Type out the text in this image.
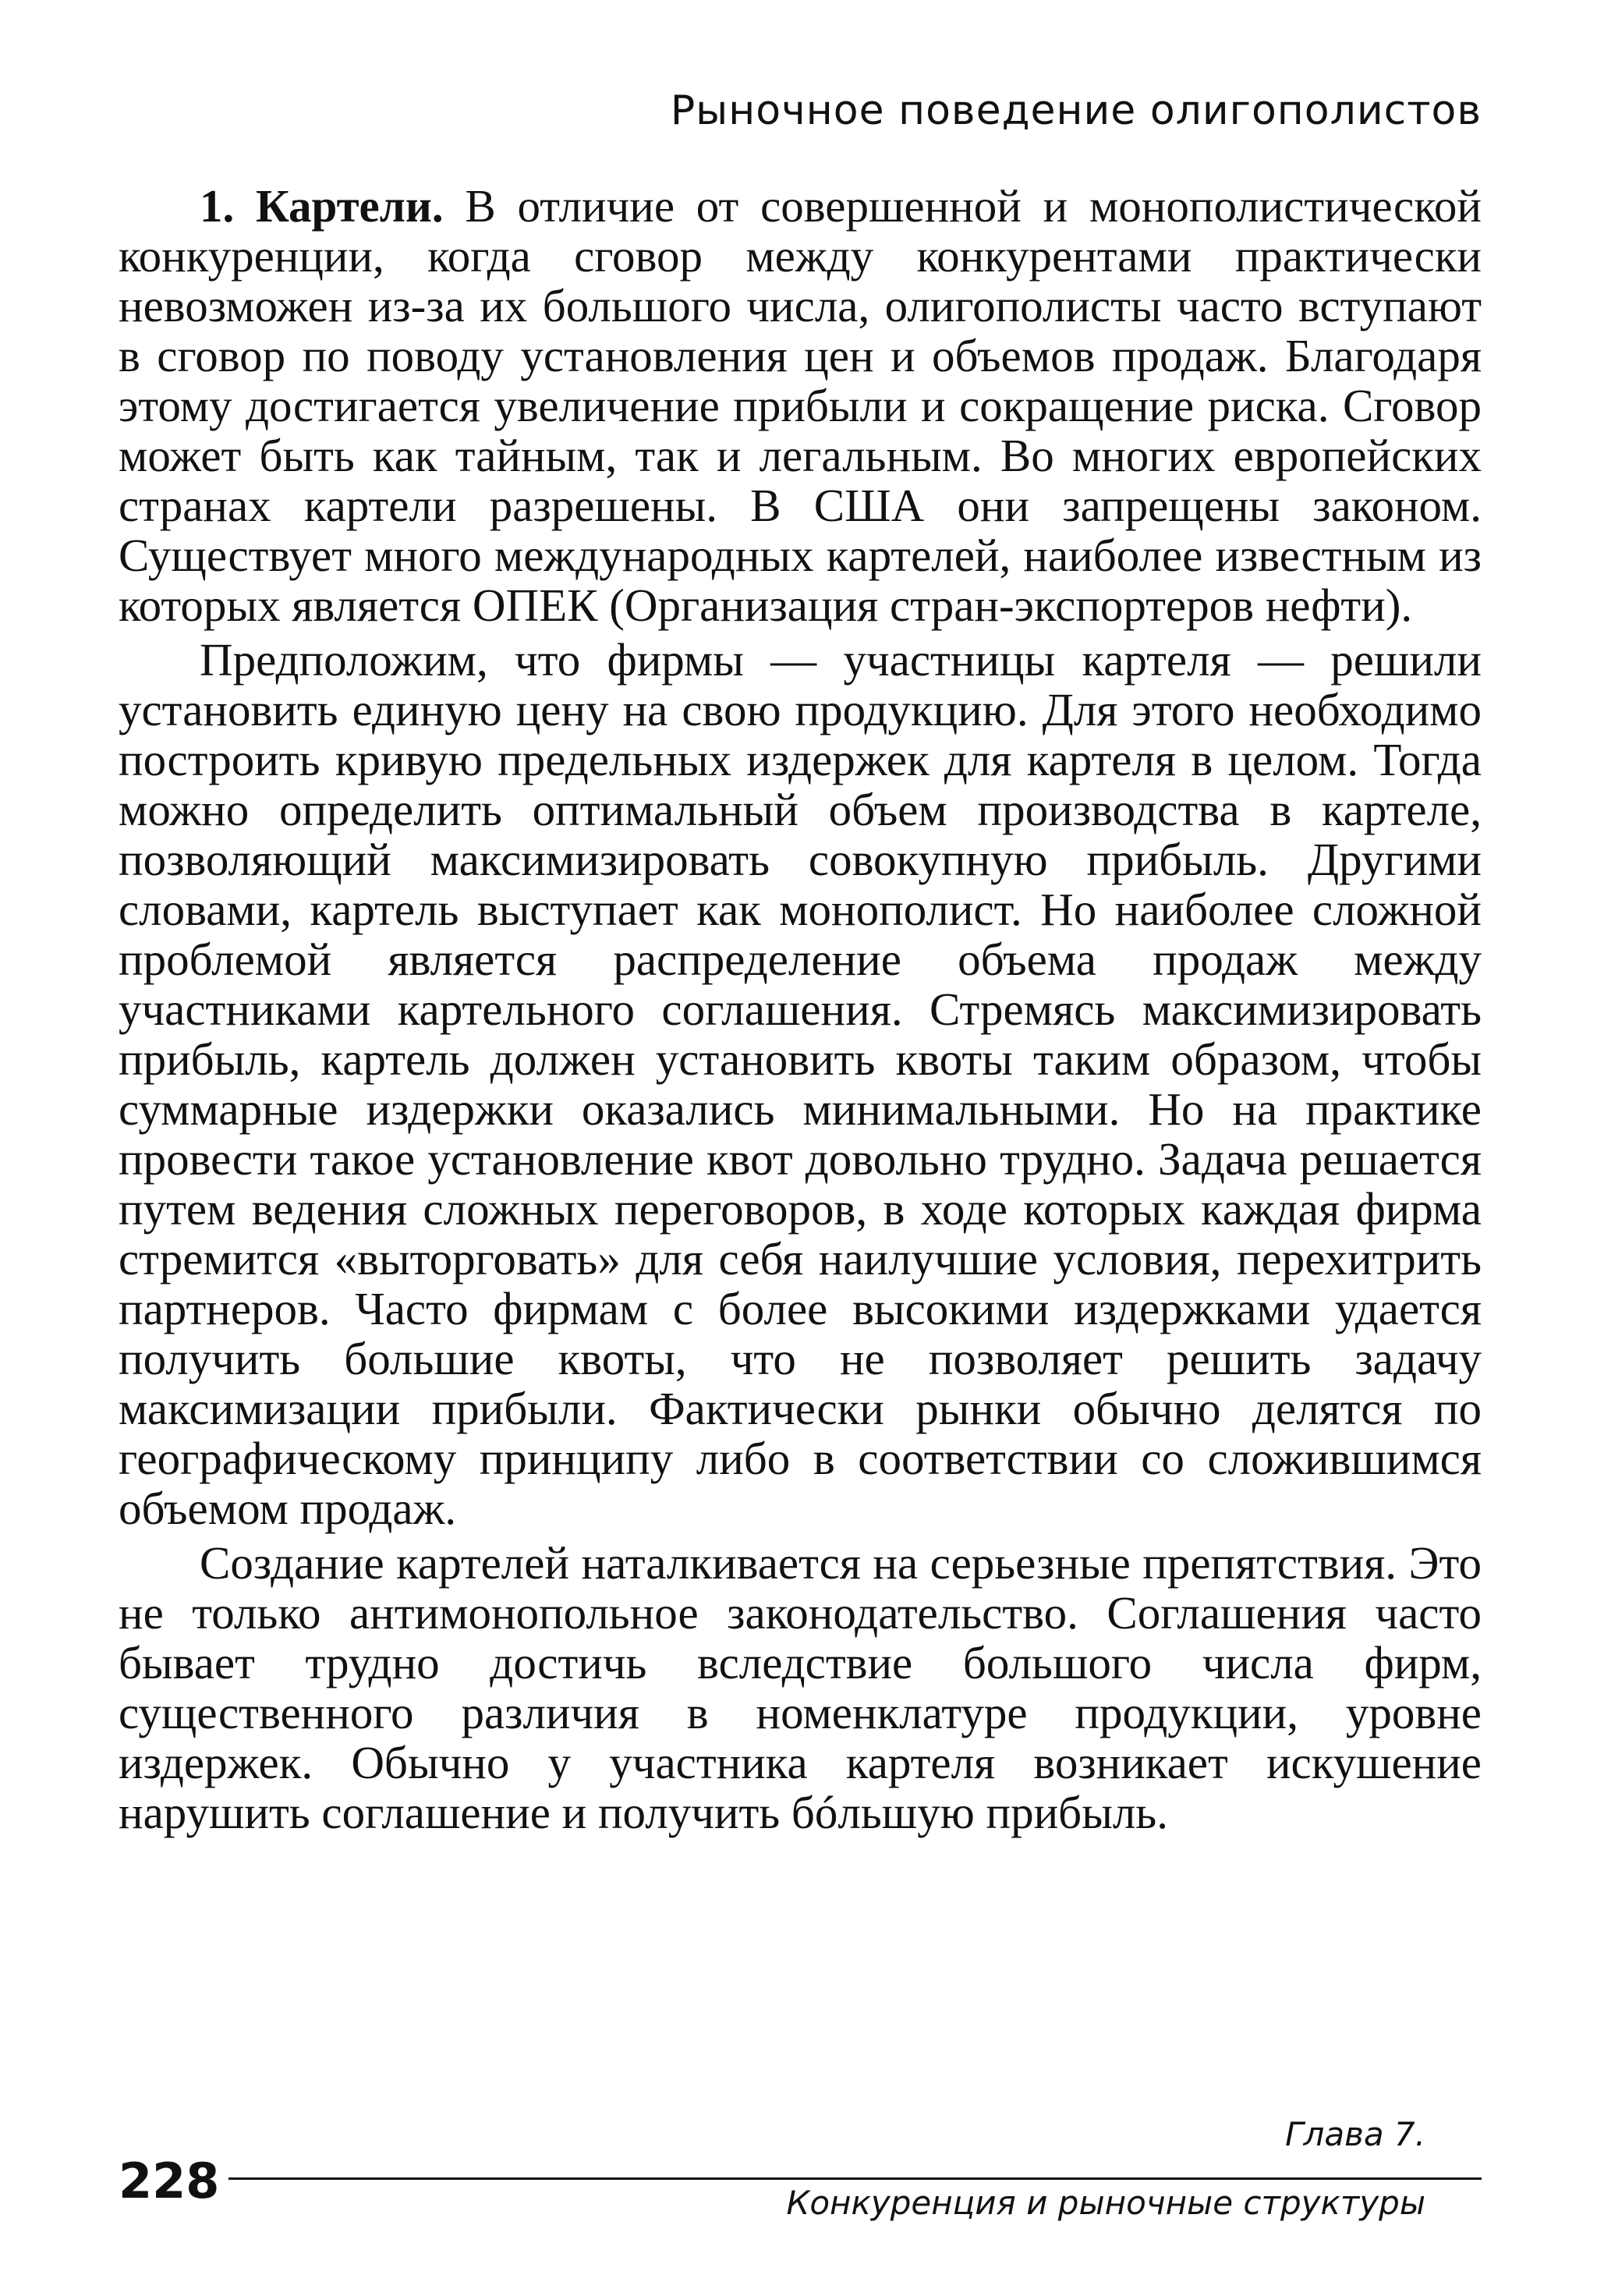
Рыночное поведение олигополистов

1. Картели. В отличие от совершенной и монополистической конкуренции, когда сговор между конкурентами практически невозможен из-за их большого числа, олигополисты часто вступают в сговор по поводу установления цен и объемов продаж. Благодаря этому достигается увеличение прибыли и сокращение риска. Сговор может быть как тайным, так и легальным. Во многих европейских странах картели разрешены. В США они запрещены законом. Существует много международных картелей, наиболее известным из которых является ОПЕК (Организация стран-экспортеров нефти).

Предположим, что фирмы — участницы картеля — решили установить единую цену на свою продукцию. Для этого необходимо построить кривую предельных издержек для картеля в целом. Тогда можно определить оптимальный объем производства в картеле, позволяющий максимизировать совокупную прибыль. Другими словами, картель выступает как монополист. Но наиболее сложной проблемой является распределение объема продаж между участниками картельного соглашения. Стремясь максимизировать прибыль, картель должен установить квоты таким образом, чтобы суммарные издержки оказались минимальными. Но на практике провести такое установление квот довольно трудно. Задача решается путем ведения сложных переговоров, в ходе которых каждая фирма стремится «выторговать» для себя наилучшие условия, перехитрить партнеров. Часто фирмам с более высокими издержками удается получить большие квоты, что не позволяет решить задачу максимизации прибыли. Фактически рынки обычно делятся по географическому принципу либо в соответствии со сложившимся объемом продаж.

Создание картелей наталкивается на серьезные препятствия. Это не только антимонопольное законодательство. Соглашения часто бывает трудно достичь вследствие большого числа фирм, существенного различия в номенклатуре продукции, уровне издержек. Обычно у участника картеля возникает искушение нарушить соглашение и получить бóльшую прибыль.

Глава 7.
228	Конкуренция и рыночные структуры
